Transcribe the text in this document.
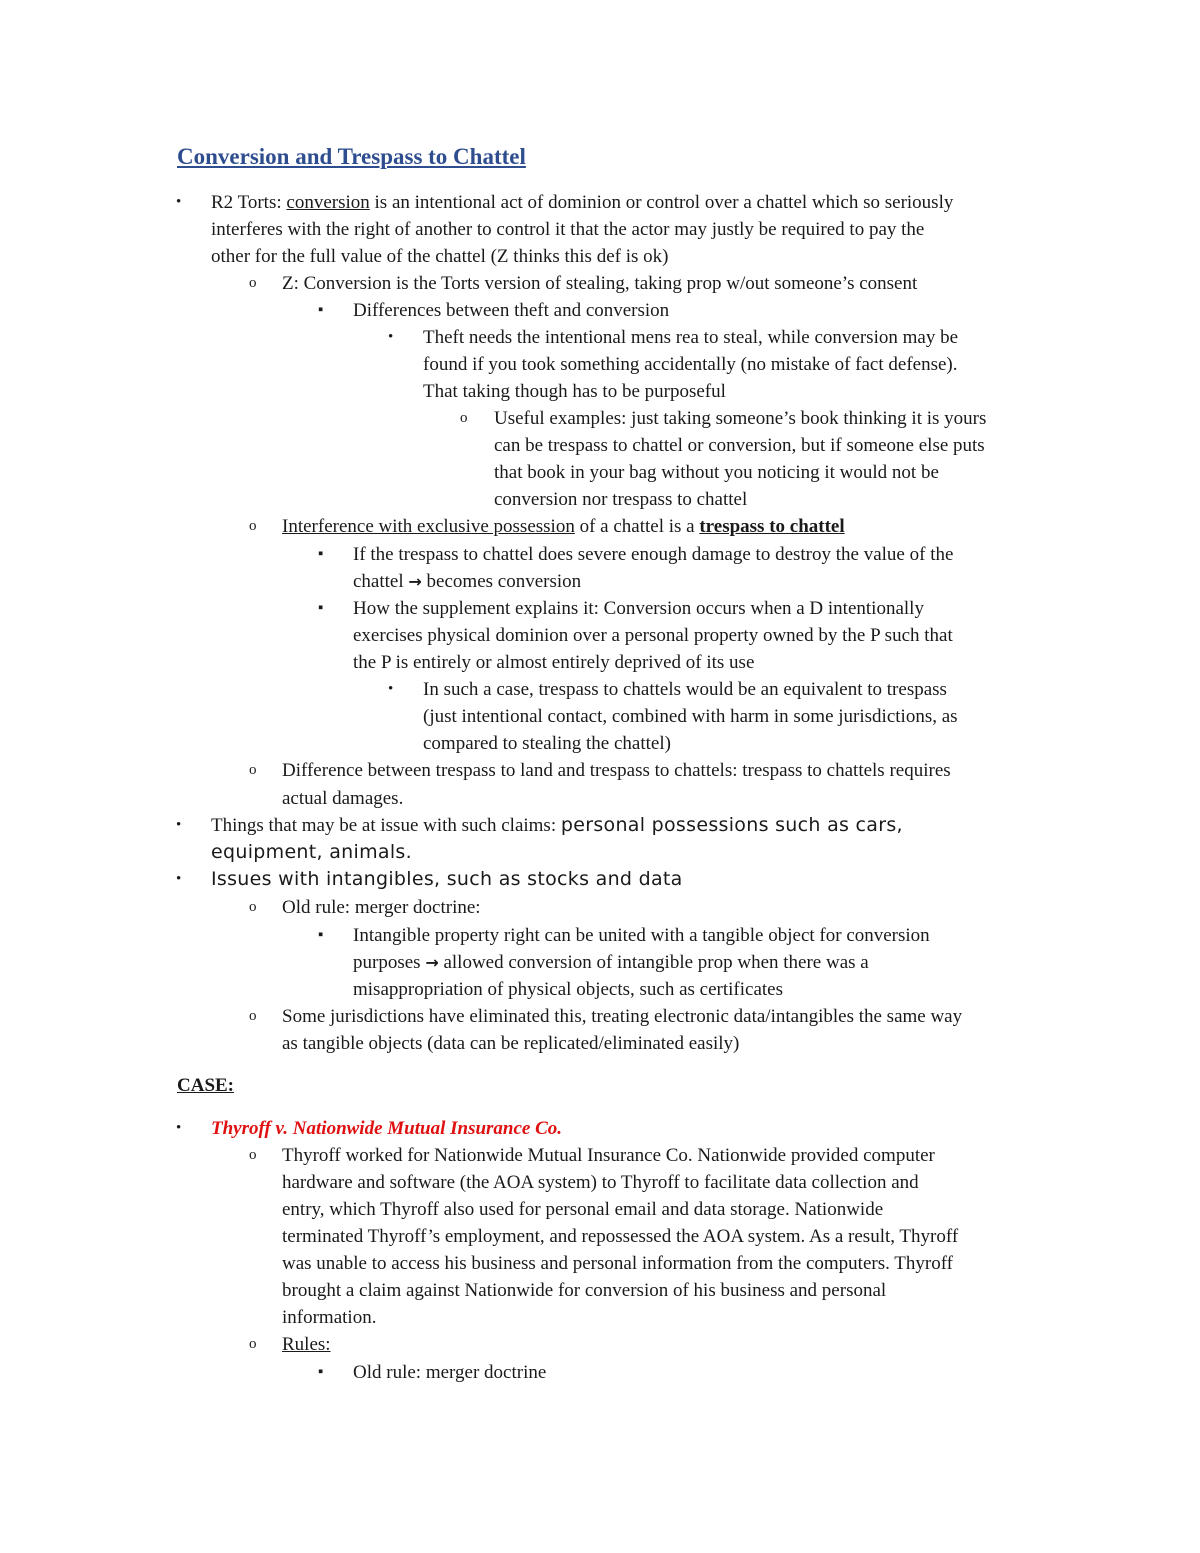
Conversion and Trespass to Chattel
• R2 Torts: conversion is an intentional act of dominion or control over a chattel which so seriously
interferes with the right of another to control it that the actor may justly be required to pay the
other for the full value of the chattel (Z thinks this def is ok)
o Z: Conversion is the Torts version of stealing, taking prop w/out someone’s consent
▪ Differences between theft and conversion
• Theft needs the intentional mens rea to steal, while conversion may be
found if you took something accidentally (no mistake of fact defense).
That taking though has to be purposeful
o Useful examples: just taking someone’s book thinking it is yours
can be trespass to chattel or conversion, but if someone else puts
that book in your bag without you noticing it would not be
conversion nor trespass to chattel
o Interference with exclusive possession of a chattel is a trespass to chattel
▪ If the trespass to chattel does severe enough damage to destroy the value of the
chattel → becomes conversion
▪ How the supplement explains it: Conversion occurs when a D intentionally
exercises physical dominion over a personal property owned by the P such that
the P is entirely or almost entirely deprived of its use
• In such a case, trespass to chattels would be an equivalent to trespass
(just intentional contact, combined with harm in some jurisdictions, as
compared to stealing the chattel)
o Difference between trespass to land and trespass to chattels: trespass to chattels requires
actual damages.
• Things that may be at issue with such claims: personal possessions such as cars,
equipment, animals.
• Issues with intangibles, such as stocks and data
o Old rule: merger doctrine:
▪ Intangible property right can be united with a tangible object for conversion
purposes → allowed conversion of intangible prop when there was a
misappropriation of physical objects, such as certificates
o Some jurisdictions have eliminated this, treating electronic data/intangibles the same way
as tangible objects (data can be replicated/eliminated easily)
CASE:
• Thyroff v. Nationwide Mutual Insurance Co.
o Thyroff worked for Nationwide Mutual Insurance Co. Nationwide provided computer
hardware and software (the AOA system) to Thyroff to facilitate data collection and
entry, which Thyroff also used for personal email and data storage. Nationwide
terminated Thyroff’s employment, and repossessed the AOA system. As a result, Thyroff
was unable to access his business and personal information from the computers. Thyroff
brought a claim against Nationwide for conversion of his business and personal
information.
o Rules:
▪ Old rule: merger doctrine
